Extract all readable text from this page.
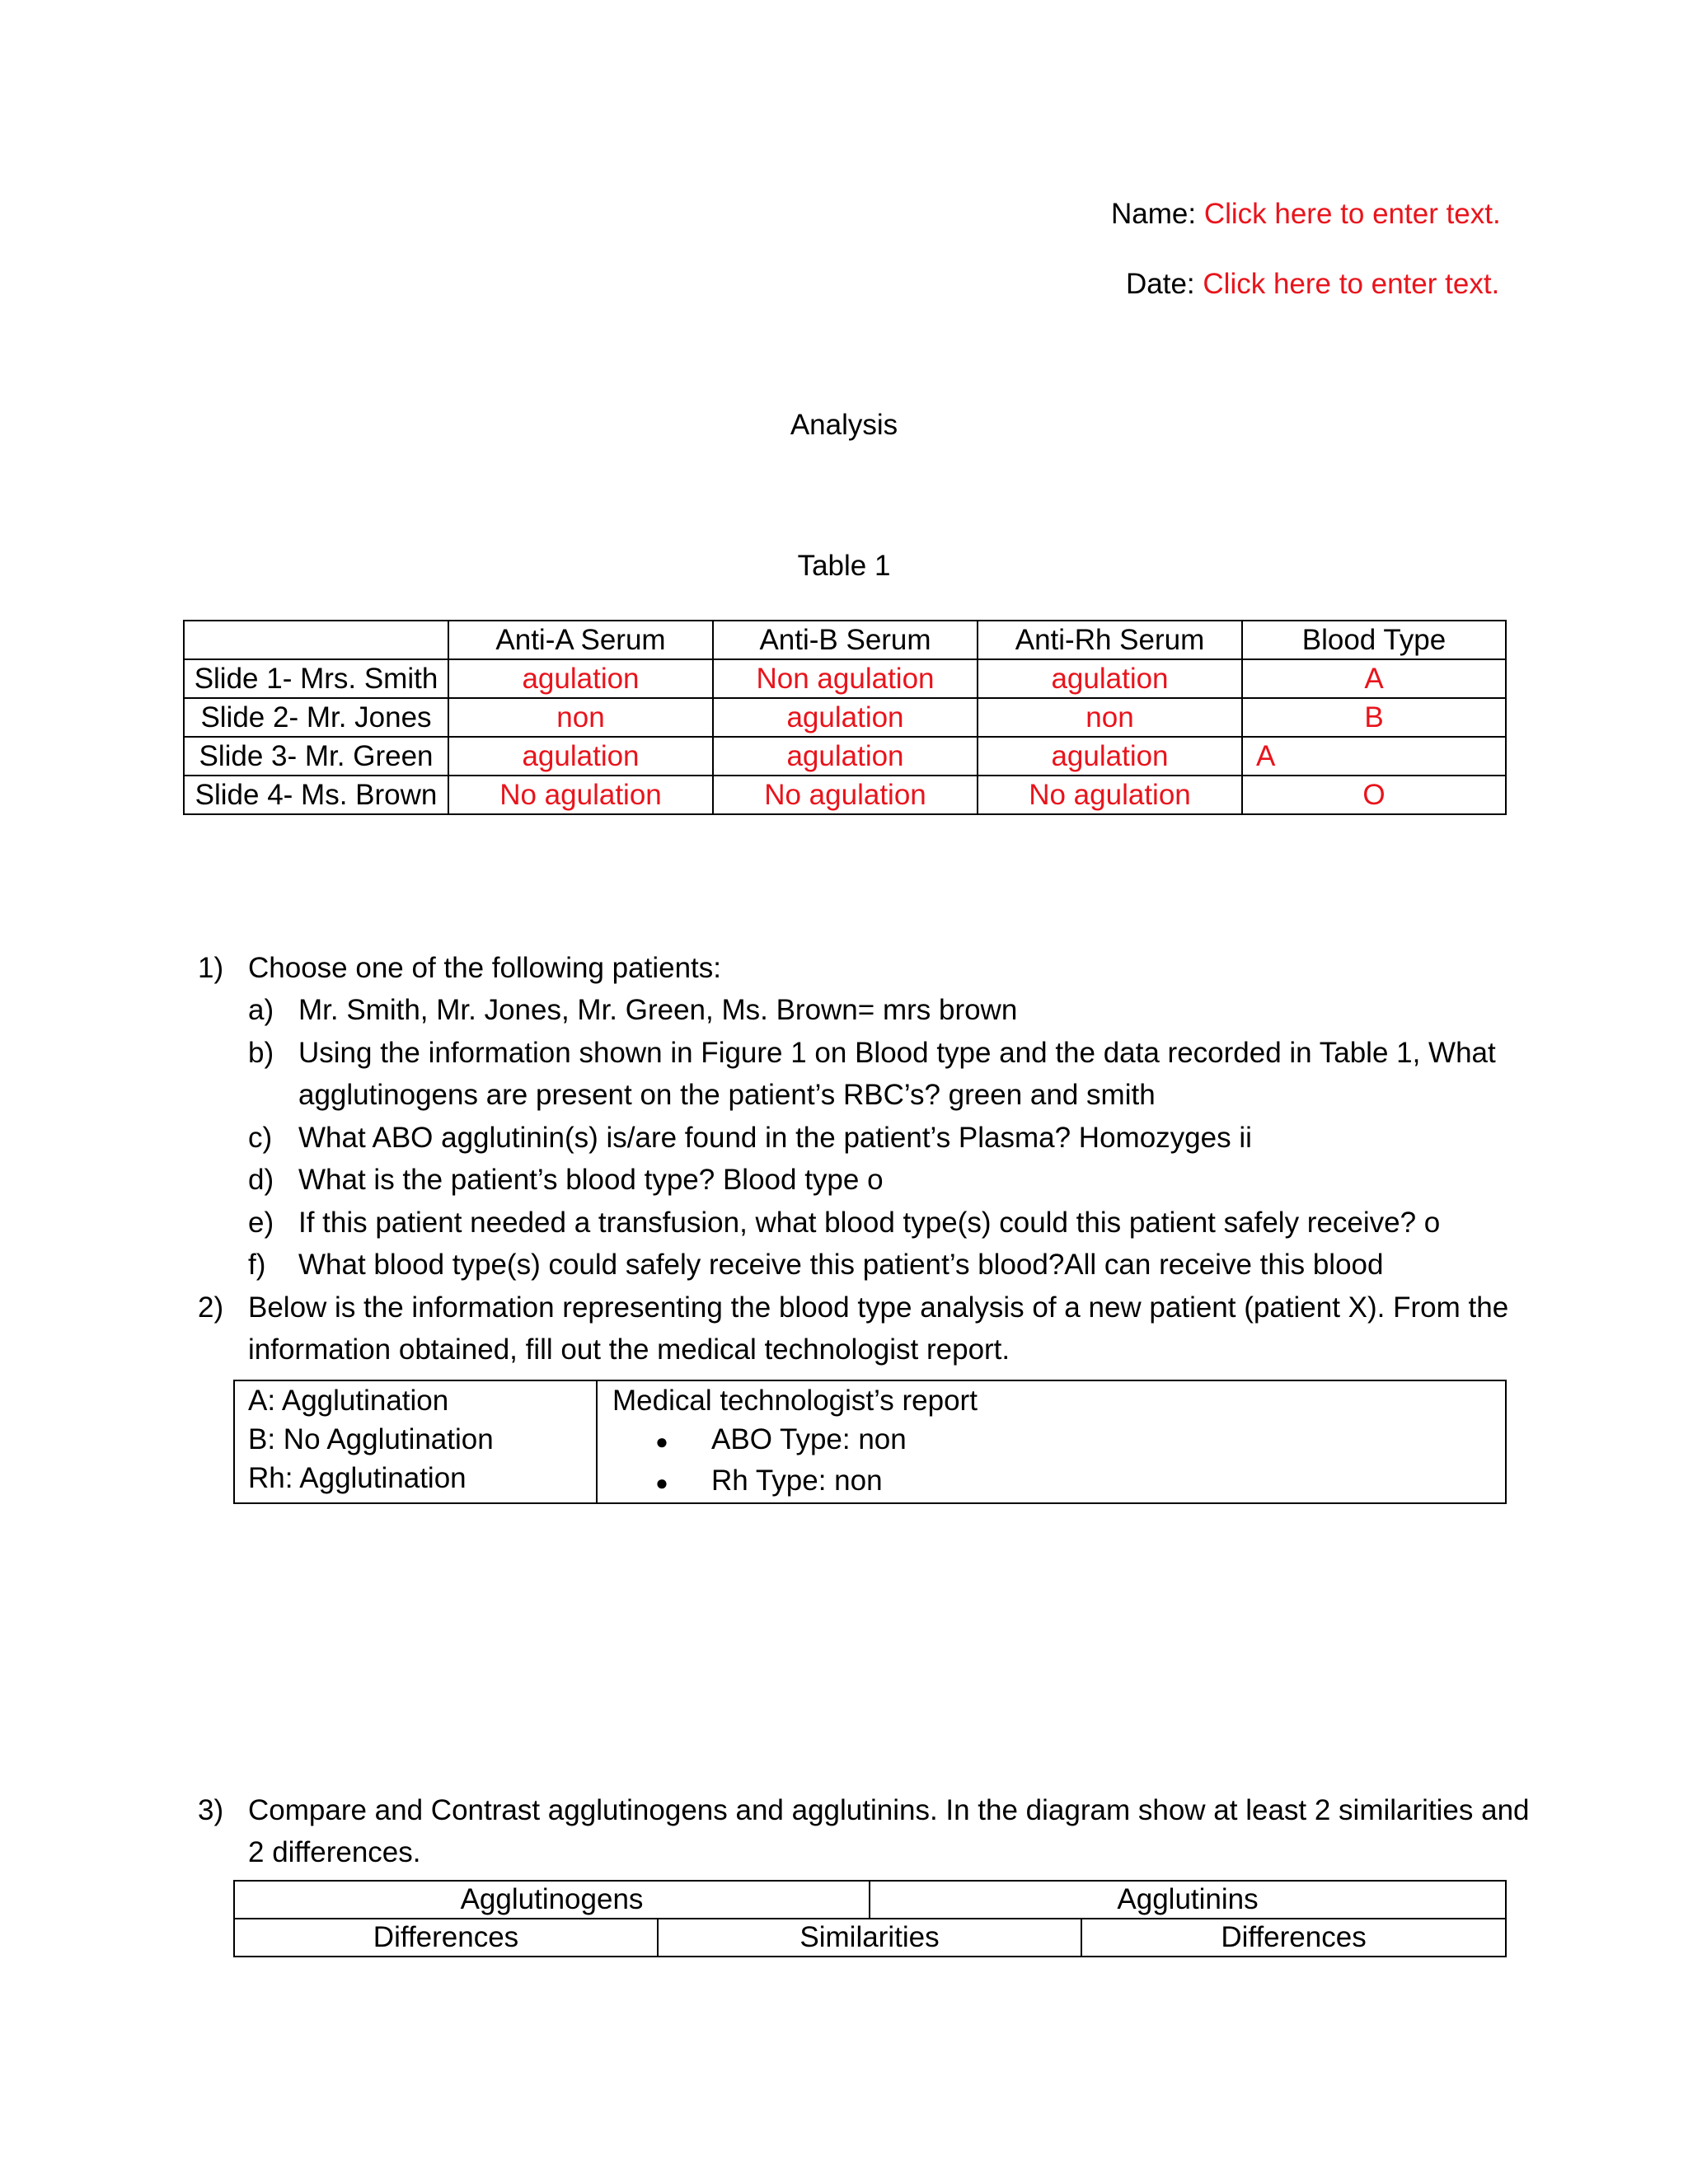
Name: Click here to enter text.
Date: Click here to enter text.
Analysis
Table 1
	Anti-A Serum	Anti-B Serum	Anti-Rh Serum	Blood Type
Slide 1- Mrs. Smith	agulation	Non agulation	agulation	A
Slide 2- Mr. Jones	non	agulation	non	B
Slide 3- Mr. Green	agulation	agulation	agulation	A
Slide 4- Ms. Brown	No agulation	No agulation	No agulation	O
1) Choose one of the following patients:
a) Mr. Smith, Mr. Jones, Mr. Green, Ms. Brown= mrs brown
b) Using the information shown in Figure 1 on Blood type and the data recorded in Table 1, What
agglutinogens are present on the patient’s RBC’s? green and smith
c) What ABO agglutinin(s) is/are found in the patient’s Plasma? Homozyges ii
d) What is the patient’s blood type? Blood type o
e) If this patient needed a transfusion, what blood type(s) could this patient safely receive? o
f) What blood type(s) could safely receive this patient’s blood?All can receive this blood
2) Below is the information representing the blood type analysis of a new patient (patient X). From the
information obtained, fill out the medical technologist report.
A: Agglutination
B: No Agglutination
Rh: Agglutination

Medical technologist’s report
● ABO Type: non
● Rh Type: non
3) Compare and Contrast agglutinogens and agglutinins. In the diagram show at least 2 similarities and
2 differences.
Agglutinogens		Agglutinins	
Differences	Similarities		Differences
